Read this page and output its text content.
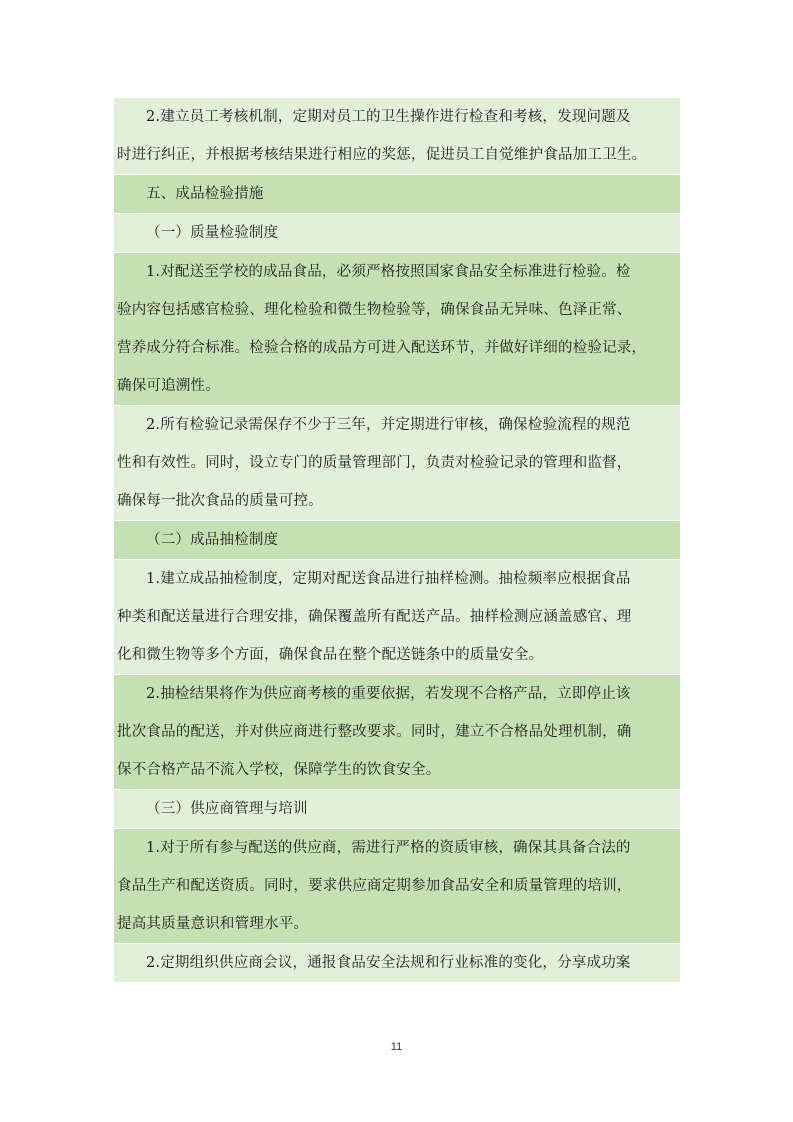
2.建立员工考核机制，定期对员工的卫生操作进行检查和考核，发现问题及
时进行纠正，并根据考核结果进行相应的奖惩，促进员工自觉维护食品加工卫生。
五、成品检验措施
（一）质量检验制度
1.对配送至学校的成品食品，必须严格按照国家食品安全标准进行检验。检
验内容包括感官检验、理化检验和微生物检验等，确保食品无异味、色泽正常、
营养成分符合标准。检验合格的成品方可进入配送环节，并做好详细的检验记录，
确保可追溯性。
2.所有检验记录需保存不少于三年，并定期进行审核，确保检验流程的规范
性和有效性。同时，设立专门的质量管理部门，负责对检验记录的管理和监督，
确保每一批次食品的质量可控。
（二）成品抽检制度
1.建立成品抽检制度，定期对配送食品进行抽样检测。抽检频率应根据食品
种类和配送量进行合理安排，确保覆盖所有配送产品。抽样检测应涵盖感官、理
化和微生物等多个方面，确保食品在整个配送链条中的质量安全。
2.抽检结果将作为供应商考核的重要依据，若发现不合格产品，立即停止该
批次食品的配送，并对供应商进行整改要求。同时，建立不合格品处理机制，确
保不合格产品不流入学校，保障学生的饮食安全。
（三）供应商管理与培训
1.对于所有参与配送的供应商，需进行严格的资质审核，确保其具备合法的
食品生产和配送资质。同时，要求供应商定期参加食品安全和质量管理的培训，
提高其质量意识和管理水平。
2.定期组织供应商会议，通报食品安全法规和行业标准的变化，分享成功案
11
